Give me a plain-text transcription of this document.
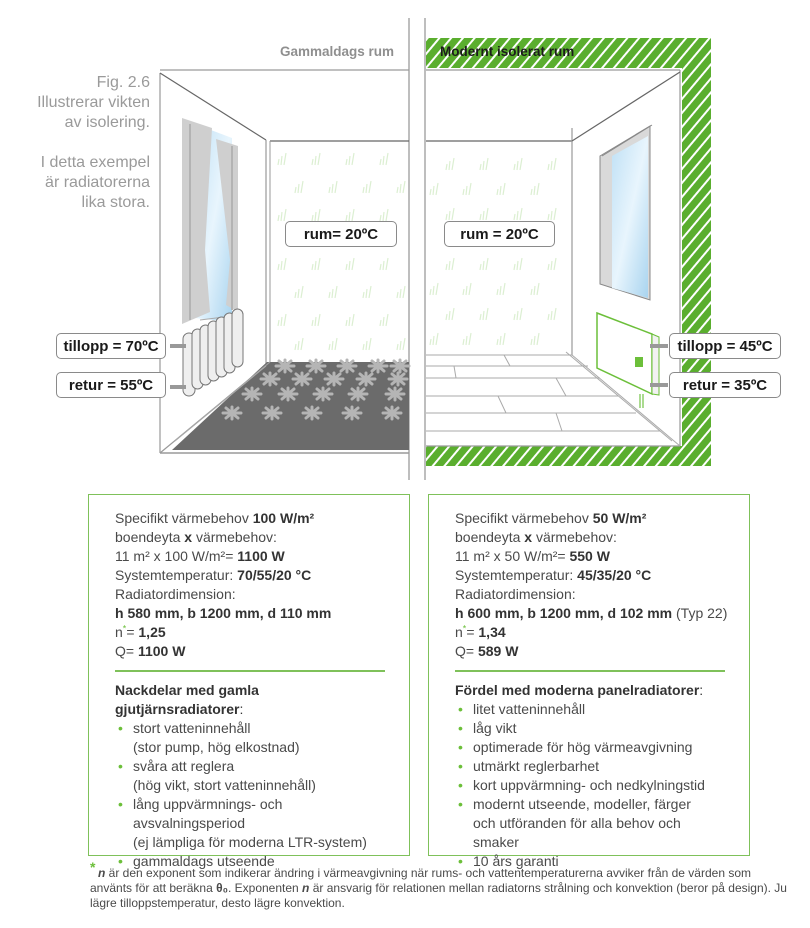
Fig. 2.6
Illustrerar vikten
av isolering.
I detta exempel
är radiatorerna
lika stora.
Gammaldags rum	Modernt isolerat rum
rum= 20ºC
tillopp = 70ºC
retur = 55ºC
rum = 20ºC
tillopp = 45ºC
retur = 35ºC
Specifikt värmebehov 100 W/m²
boendeyta x värmebehov:
11 m² x 100 W/m²= 1100 W
Systemtemperatur: 70/55/20 °C
Radiatordimension:
h 580 mm, b 1200 mm, d 110 mm
n*= 1,25
Q= 1100 W
Nackdelar med gamla gjutjärnsradiatorer:
• stort vatteninnehåll
(stor pump, hög elkostnad)
• svåra att reglera
(hög vikt, stort vatteninnehåll)
• lång uppvärmnings- och avsvalningsperiod
(ej lämpliga för moderna LTR-system)
• gammaldags utseende
Specifikt värmebehov 50 W/m²
boendeyta x värmebehov:
11 m² x 50 W/m²= 550 W
Systemtemperatur: 45/35/20 °C
Radiatordimension:
h 600 mm, b 1200 mm, d 102 mm (Typ 22)
n*= 1,34
Q= 589 W
Fördel med moderna panelradiatorer:
• litet vatteninnehåll
• låg vikt
• optimerade för hög värmeavgivning
• utmärkt reglerbarhet
• kort uppvärmning- och nedkylningstid
• modernt utseende, modeller, färger
och utföranden för alla behov och smaker
• 10 års garanti
* n är den exponent som indikerar ändring i värmeavgivning när rums- och vattentemperaturerna avviker från de värden som använts för att beräkna θ₀. Exponenten n är ansvarig för relationen mellan radiatorns strålning och konvektion (beror på design). Ju lägre tilloppstemperatur, desto lägre konvektion.
